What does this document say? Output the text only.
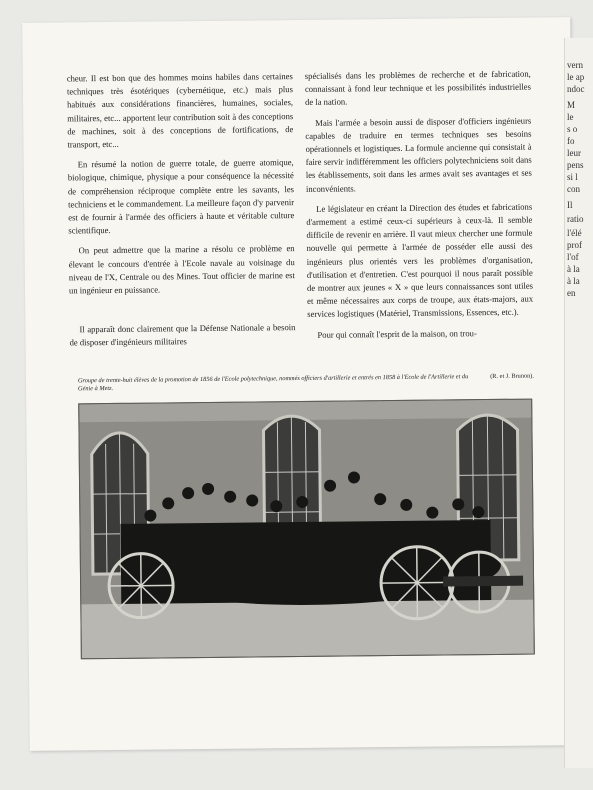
cheur. Il est bon que des hommes moins habiles dans certaines techniques très ésotériques (cybernétique, etc.) mais plus habitués aux considérations financières, humaines, sociales, militaires, etc... apportent leur contribution soit à des conceptions de machines, soit à des conceptions de fortifications, de transport, etc...

En résumé la notion de guerre totale, de guerre atomique, biologique, chimique, physique a pour conséquence la nécessité de compréhension réciproque complète entre les savants, les techniciens et le commandement. La meilleure façon d'y parvenir est de fournir à l'armée des officiers à haute et véritable culture scientifique.

On peut admettre que la marine a résolu ce problème en élevant le concours d'entrée à l'Ecole navale au voisinage du niveau de l'X, Centrale ou des Mines. Tout officier de marine est un ingénieur en puissance.

Il apparaît donc clairement que la Défense Nationale a besoin de disposer d'ingénieurs militaires

spécialisés dans les problèmes de recherche et de fabrication, connaissant à fond leur technique et les possibilités industrielles de la nation.

Mais l'armée a besoin aussi de disposer d'officiers ingénieurs capables de traduire en termes techniques ses besoins opérationnels et logistiques. La formule ancienne qui consistait à faire servir indifféremment les officiers polytechniciens soit dans les établissements, soit dans les armes avait ses avantages et ses inconvénients.

Le législateur en créant la Direction des études et fabrications d'armement a estimé ceux-ci supérieurs à ceux-là. Il semble difficile de revenir en arrière. Il vaut mieux chercher une formule nouvelle qui permette à l'armée de posséder elle aussi des ingénieurs plus orientés vers les problèmes d'organisation, d'utilisation et d'entretien. C'est pourquoi il nous paraît possible de montrer aux jeunes « X » que leurs connaissances sont utiles et même nécessaires aux corps de troupe, aux états-majors, aux services logistiques (Matériel, Transmissions, Essences, etc.).

Pour qui connaît l'esprit de la maison, on trou-

(R. et J. Brunon).
Groupe de trente-huit élèves de la promotion de 1856 de l'Ecole polytechnique, nommés officiers d'artillerie et entrés en 1858 à l'Ecole de l'Artillerie et du Génie à Metz.
vern
le ap
ndoc
M
le
s o
fo
leur
pens
si l
con
Il
ratio
l'élé
prof
l'of
à la
à la
en
